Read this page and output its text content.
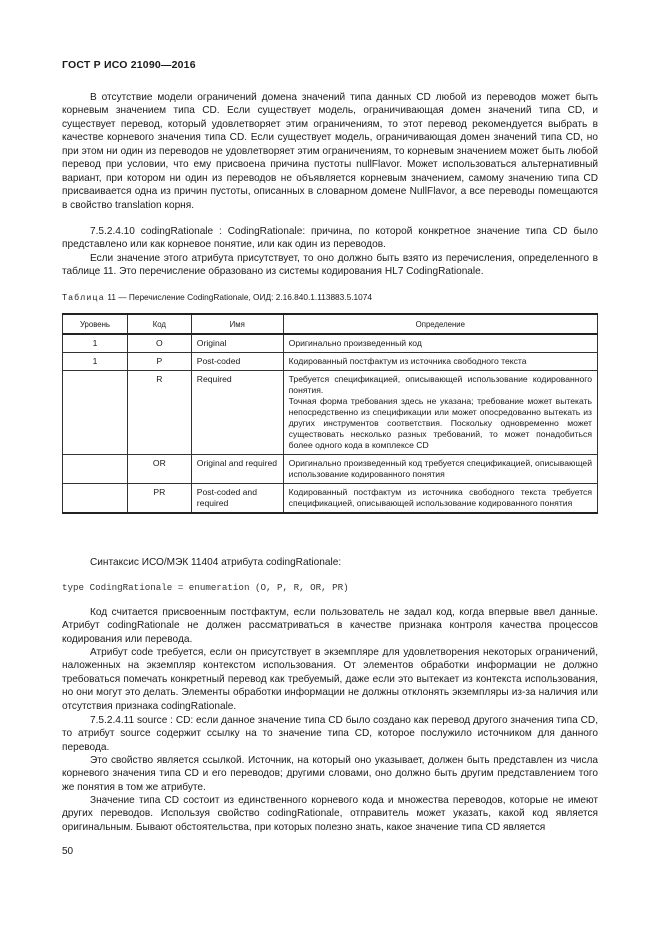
ГОСТ Р ИСО 21090—2016

В отсутствие модели ограничений домена значений типа данных CD любой из переводов может быть корневым значением типа CD. Если существует модель, ограничивающая домен значений типа CD, и существует перевод, который удовлетворяет этим ограничениям, то этот перевод рекомендуется выбрать в качестве корневого значения типа CD. Если существует модель, ограничивающая домен значений типа CD, но при этом ни один из переводов не удовлетворяет этим ограничениям, то корневым значением может быть любой перевод при условии, что ему присвоена причина пустоты nullFlavor. Может использоваться альтернативный вариант, при котором ни один из переводов не объявляется корневым значением, самому значению типа CD присваивается одна из причин пустоты, описанных в словарном домене NullFlavor, а все переводы помещаются в свойство translation корня.

7.5.2.4.10 codingRationale : CodingRationale: причина, по которой конкретное значение типа CD было представлено или как корневое понятие, или как один из переводов.

Если значение этого атрибута присутствует, то оно должно быть взято из перечисления, определенного в таблице 11. Это перечисление образовано из системы кодирования HL7 CodingRationale.

Таблица 11 — Перечисление CodingRationale, ОИД: 2.16.840.1.113883.5.1074
Уровень	Код	Имя	Определение
1	O	Original	Оригинально произведенный код
1	P	Post-coded	Кодированный постфактум из источника свободного текста
	R	Required	Требуется спецификацией, описывающей использование кодированного понятия.
Точная форма требования здесь не указана; требование может вытекать непосредственно из спецификации или может опосредованно вытекать из других инструментов соответствия. Поскольку одновременно может существовать несколько разных требований, то может понадобиться более одного кода в комплексе CD

	OR	Original and required	Оригинально произведенный код требуется спецификацией, описывающей использование кодированного понятия
	PR	Post-coded and required	Кодированный постфактум из источника свободного текста требуется спецификацией, описывающей использование кодированного понятия

Синтаксис ИСО/МЭК 11404 атрибута codingRationale:

type CodingRationale = enumeration (O, P, R, OR, PR)

Код считается присвоенным постфактум, если пользователь не задал код, когда впервые ввел данные. Атрибут codingRationale не должен рассматриваться в качестве признака контроля качества процессов кодирования или перевода.

Атрибут code требуется, если он присутствует в экземпляре для удовлетворения некоторых ограничений, наложенных на экземпляр контекстом использования. От элементов обработки информации не должно требоваться помечать конкретный перевод как требуемый, даже если это вытекает из контекста использования, но они могут это делать. Элементы обработки информации не должны отклонять экземпляры из-за наличия или отсутствия признака codingRationale.

7.5.2.4.11 source : CD: если данное значение типа CD было создано как перевод другого значения типа CD, то атрибут source содержит ссылку на то значение типа CD, которое послужило источником для данного перевода.

Это свойство является ссылкой. Источник, на который оно указывает, должен быть представлен из числа корневого значения типа CD и его переводов; другими словами, оно должно быть другим представлением того же понятия в том же атрибуте.

Значение типа CD состоит из единственного корневого кода и множества переводов, которые не имеют других переводов. Используя свойство codingRationale, отправитель может указать, какой код является оригинальным. Бывают обстоятельства, при которых полезно знать, какое значение типа CD является

50
